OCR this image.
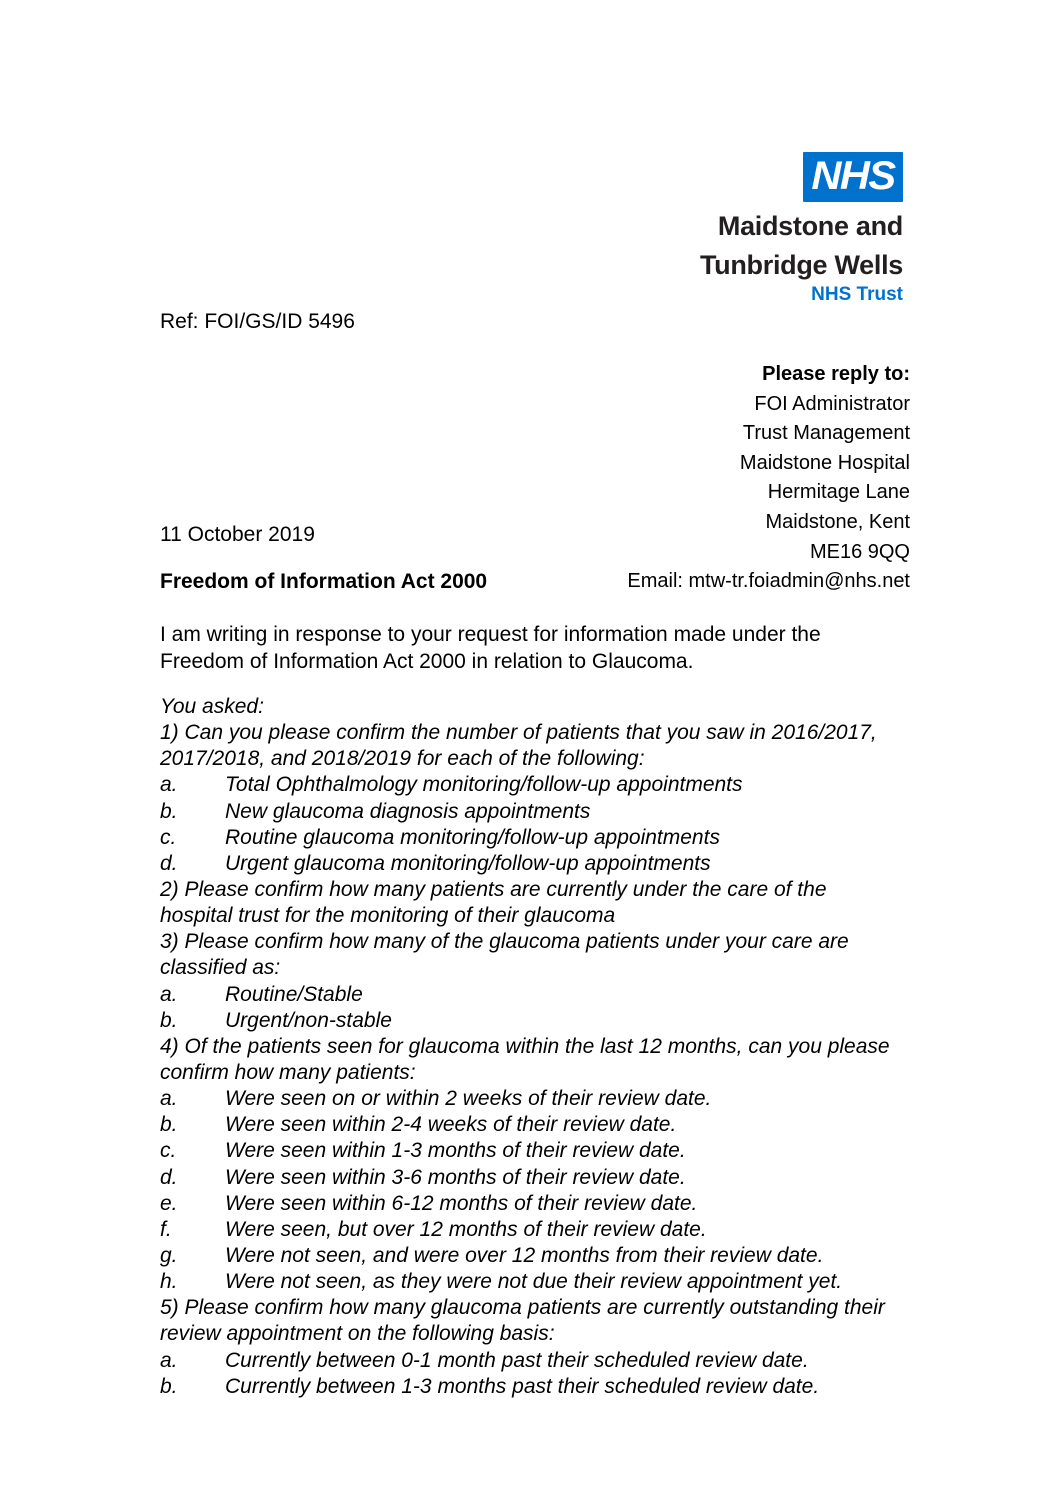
NHS
Maidstone and
Tunbridge Wells
NHS Trust
Ref: FOI/GS/ID 5496
Please reply to:
FOI Administrator
Trust Management
Maidstone Hospital
Hermitage Lane
Maidstone, Kent
ME16 9QQ
Email: mtw-tr.foiadmin@nhs.net
11 October 2019
Freedom of Information Act 2000
I am writing in response to your request for information made under the Freedom of Information Act 2000 in relation to Glaucoma.
You asked:
1) Can you please confirm the number of patients that you saw in 2016/2017, 2017/2018, and 2018/2019 for each of the following:
a.	Total Ophthalmology monitoring/follow-up appointments
b.	New glaucoma diagnosis appointments
c.	Routine glaucoma monitoring/follow-up appointments
d.	Urgent glaucoma monitoring/follow-up appointments
2) Please confirm how many patients are currently under the care of the hospital trust for the monitoring of their glaucoma
3) Please confirm how many of the glaucoma patients under your care are classified as:
a.	Routine/Stable
b.	Urgent/non-stable
4) Of the patients seen for glaucoma within the last 12 months, can you please confirm how many patients:
a.	Were seen on or within 2 weeks of their review date.
b.	Were seen within 2-4 weeks of their review date.
c.	Were seen within 1-3 months of their review date.
d.	Were seen within 3-6 months of their review date.
e.	Were seen within 6-12 months of their review date.
f.	Were seen, but over 12 months of their review date.
g.	Were not seen, and were over 12 months from their review date.
h.	Were not seen, as they were not due their review appointment yet.
5) Please confirm how many glaucoma patients are currently outstanding their review appointment on the following basis:
a.	Currently between 0-1 month past their scheduled review date.
b.	Currently between 1-3 months past their scheduled review date.
